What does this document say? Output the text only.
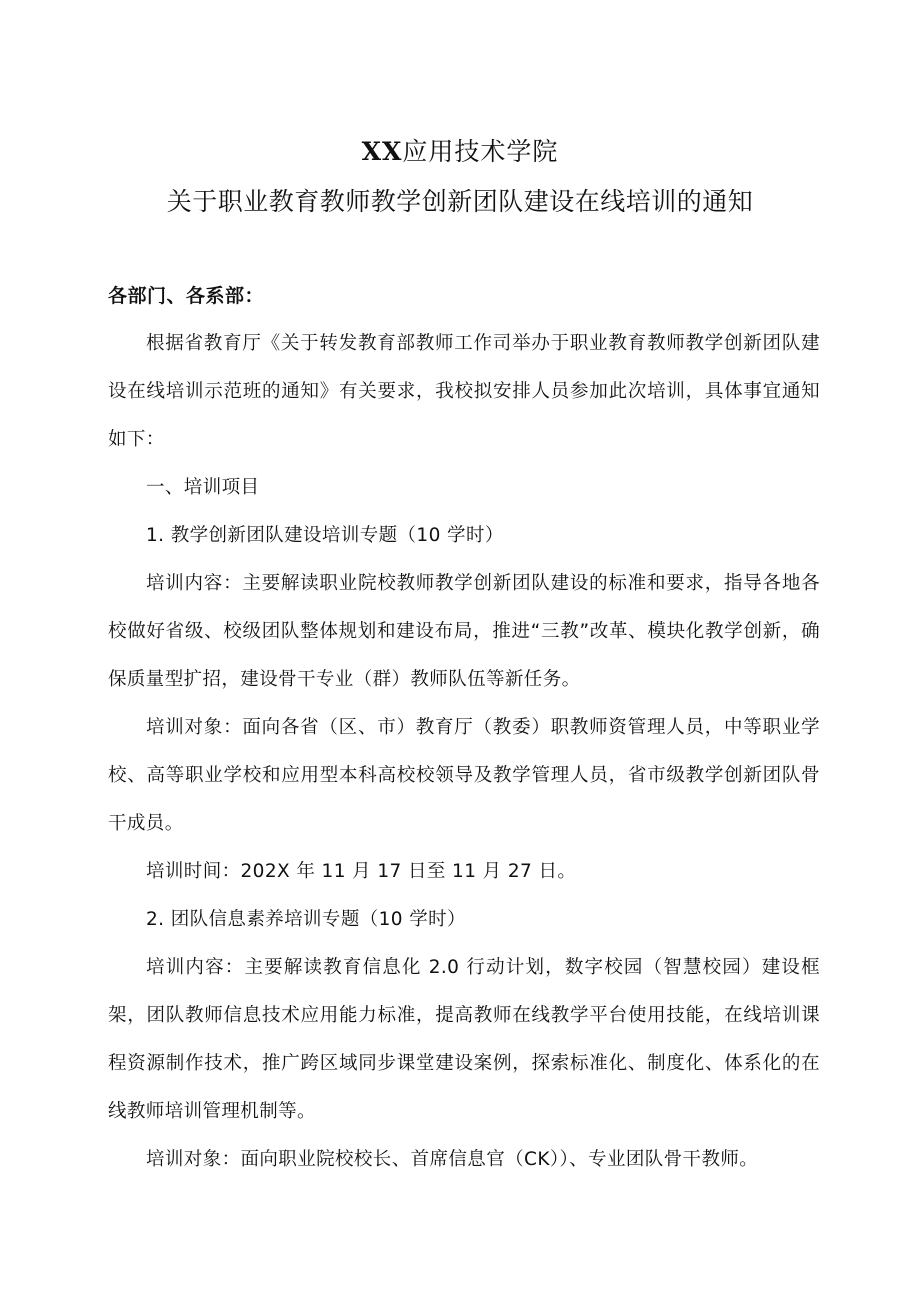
XX应用技术学院
关于职业教育教师教学创新团队建设在线培训的通知

各部门、各系部：

根据省教育厅《关于转发教育部教师工作司举办于职业教育教师教学创新团队建设在线培训示范班的通知》有关要求，我校拟安排人员参加此次培训，具体事宜通知如下：

一、培训项目

1. 教学创新团队建设培训专题（10 学时）

培训内容：主要解读职业院校教师教学创新团队建设的标准和要求，指导各地各校做好省级、校级团队整体规划和建设布局，推进“三教”改革、模块化教学创新，确保质量型扩招，建设骨干专业（群）教师队伍等新任务。

培训对象：面向各省（区、市）教育厅（教委）职教师资管理人员，中等职业学校、高等职业学校和应用型本科高校校领导及教学管理人员，省市级教学创新团队骨干成员。

培训时间：202X 年 11 月 17 日至 11 月 27 日。

2. 团队信息素养培训专题（10 学时）

培训内容：主要解读教育信息化 2.0 行动计划，数字校园（智慧校园）建设框架，团队教师信息技术应用能力标准，提高教师在线教学平台使用技能，在线培训课程资源制作技术，推广跨区域同步课堂建设案例，探索标准化、制度化、体系化的在线教师培训管理机制等。

培训对象：面向职业院校校长、首席信息官（CK））、专业团队骨干教师。
